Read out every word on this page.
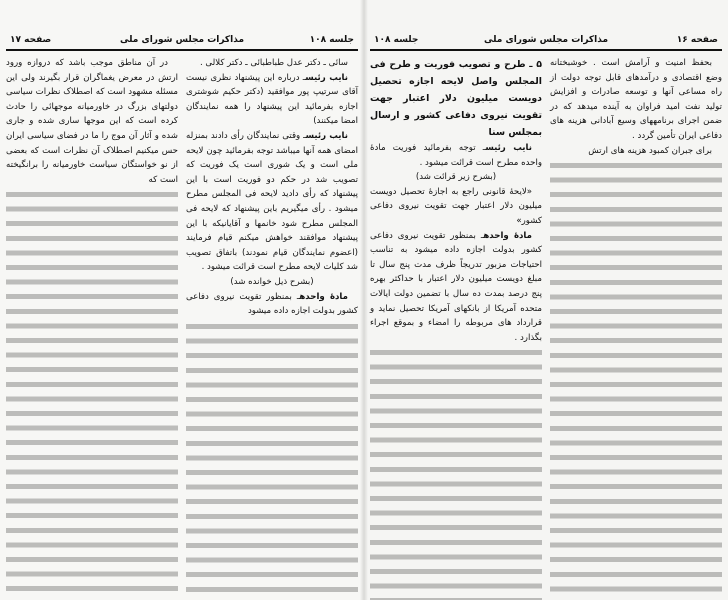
جلسه ۱۰۸
مذاکرات مجلس شورای ملی
صفحه ۱۷

سائی ـ دکتر عدل طباطبائی ـ دکتر کلالی .

نایب رئیسـ درباره این پیشنهاد نظری نیست آقای سرتیپ پور موافقید (دکتر حکیم شوشتری اجازه بفرمائید این پیشنهاد را همه نمایندگان امضا میکنند)

نایب رئیسـ وقتی نمایندگان رأی دادند بمنزله امضای همه آنها میباشد توجه بفرمائید چون لایحه ملی است و یک شوری است یک فوریت که تصویب شد در حکم دو فوریت است با این پیشنهاد که رأی دادید لایحه فی المجلس مطرح میشود . رأی میگیریم باین پیشنهاد که لایحه فی المجلس مطرح شود خانمها و آقایانیکه با این پیشنهاد موافقند خواهش میکنم قیام فرمایند (اعضوم نمایندگان قیام نمودند) باتفاق تصویب شد کلیات لایحه مطرح است قرائت میشود .

(بشرح ذیل خوانده شد)

مادهٔ واحدهـ بمنظور تقویت نیروی دفاعی کشور بدولت اجازه داده میشود

در آن مناطق موجب باشد که دروازه ورود ارتش در معرض یغماگران قرار بگیرند ولی این مسئله مشهود است که اصطلاک نظرات سیاسی دولتهای بزرگ در خاورمیانه موجهائی را حادث کرده است که این موجها ساری شده و جاری شده و آثار آن موج را ما در فضای سیاسی ایران حس میکنیم اصطلاک آن نظرات است که بعضی از نو خواستگان سیاست خاورمیانه را برانگیخته است که

صفحه ۱۶
مذاکرات مجلس شورای ملی
جلسه ۱۰۸

بحفظ امنیت و آرامش است . خوشبختانه وضع اقتصادی و درآمدهای قابل توجه دولت از راه مساعی آنها و توسعه صادرات و افزایش تولید نفت امید فراوان به آینده میدهد که در ضمن اجرای برنامههای وسیع آبادانی هزینه های دفاعی ایران تأمین گردد .

برای جبران کمبود هزینه های ارتش

۵ ـ طرح و تصویب فوریت و طرح فی المجلس واصل لایحه اجازه تحصیل دویست میلیون دلار اعتبار جهت تقویت نیروی دفاعی کشور و ارسال بمجلس سنا

نایب رئیسـ توجه بفرمائید فوریت مادهٔ واحده مطرح است قرائت میشود .

(بشرح زیر قرائت شد)

«لایحهٔ قانونی راجع به اجازهٔ تحصیل دویست میلیون دلار اعتبار جهت تقویت نیروی دفاعی کشور»

مادهٔ واحدهـ بمنظور تقویت نیروی دفاعی کشور بدولت اجازه داده میشود به تناسب احتیاجات مزبور تدریجاً ظرف مدت پنج سال تا مبلغ دویست میلیون دلار اعتبار با حداکثر بهره پنج درصد بمدت ده سال با تضمین دولت ایالات متحده آمریکا از بانکهای آمریکا تحصیل نماید و قرارداد های مربوطه را امضاء و بموقع اجراء بگذارد .
